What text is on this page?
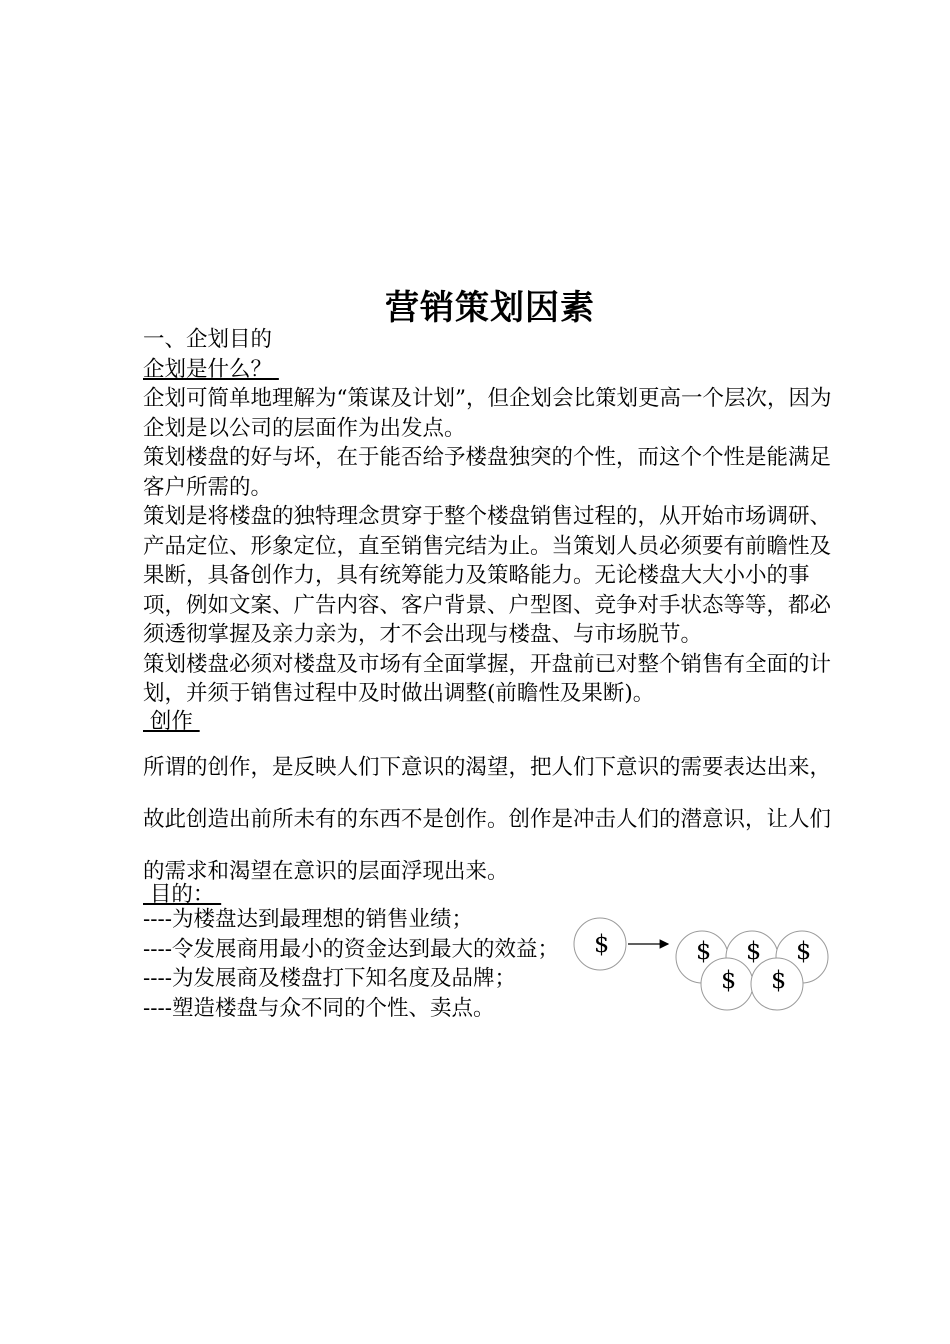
营销策划因素

一、企划目的

企划是什么？

企划可简单地理解为“策谋及计划”，但企划会比策划更高一个层次，因为企划是以公司的层面作为出发点。

策划楼盘的好与坏，在于能否给予楼盘独突的个性，而这个个性是能满足客户所需的。

策划是将楼盘的独特理念贯穿于整个楼盘销售过程的，从开始市场调研、产品定位、形象定位，直至销售完结为止。当策划人员必须要有前瞻性及果断，具备创作力，具有统筹能力及策略能力。无论楼盘大大小小的事项，例如文案、广告内容、客户背景、户型图、竞争对手状态等等，都必须透彻掌握及亲力亲为，才不会出现与楼盘、与市场脱节。

策划楼盘必须对楼盘及市场有全面掌握，开盘前已对整个销售有全面的计划，并须于销售过程中及时做出调整(前瞻性及果断)。

创作
所谓的创作，是反映人们下意识的渴望，把人们下意识的需要表达出来，故此创造出前所未有的东西不是创作。创作是冲击人们的潜意识，让人们的需求和渴望在意识的层面浮现出来。
目的：

----为楼盘达到最理想的销售业绩；

----令发展商用最小的资金达到最大的效益；

----为发展商及楼盘打下知名度及品牌；

----塑造楼盘与众不同的个性、卖点。

$	$ $ $
$ $
